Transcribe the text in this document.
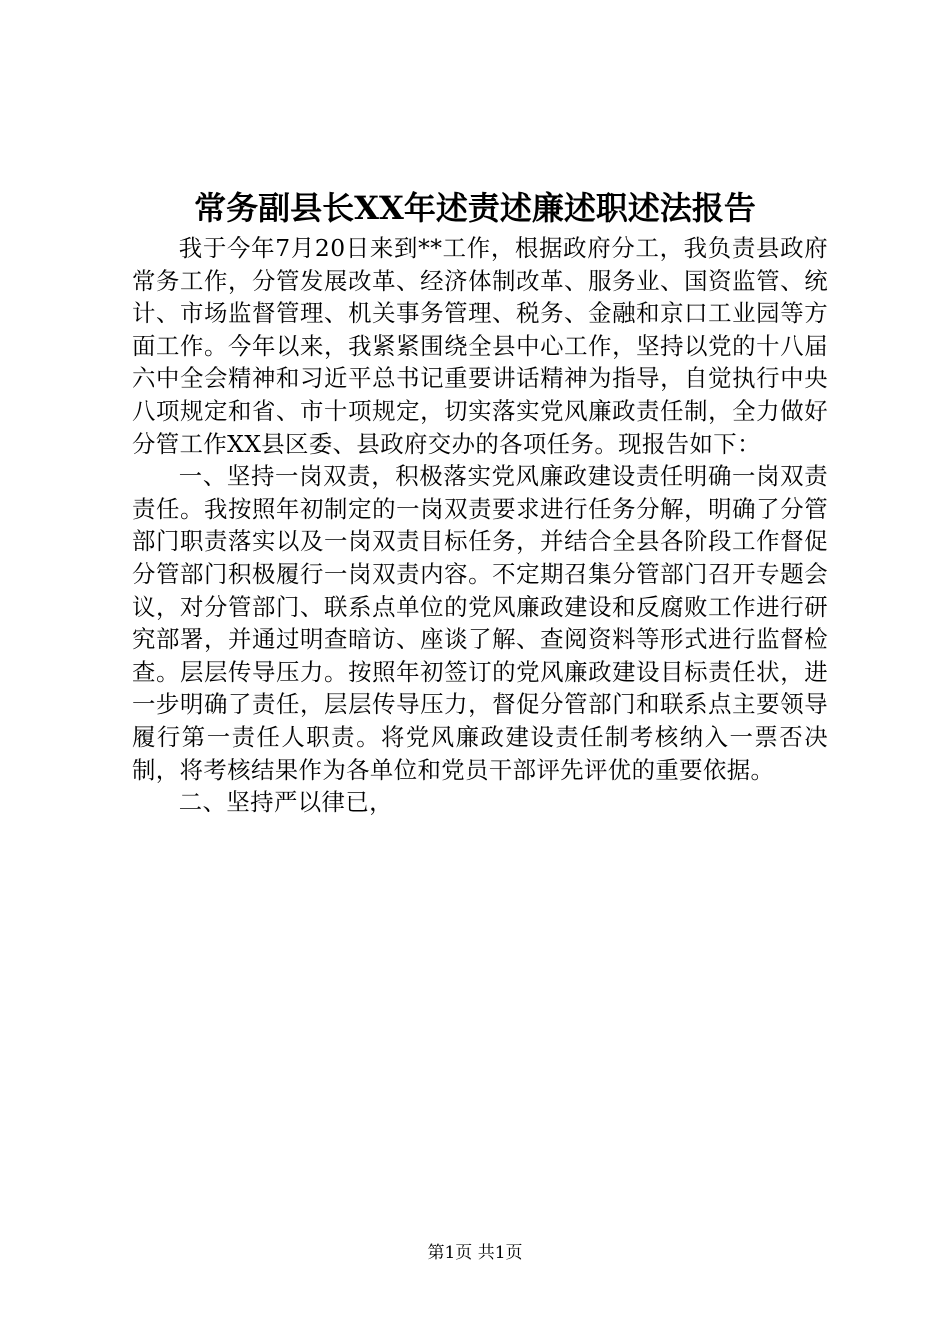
常务副县长XX年述责述廉述职述法报告

我于今年7月20日来到**工作，根据政府分工，我负责县政府常务工作，分管发展改革、经济体制改革、服务业、国资监管、统计、市场监督管理、机关事务管理、税务、金融和京口工业园等方面工作。今年以来，我紧紧围绕全县中心工作，坚持以党的十八届六中全会精神和习近平总书记重要讲话精神为指导，自觉执行中央八项规定和省、市十项规定，切实落实党风廉政责任制，全力做好分管工作XX县区委、县政府交办的各项任务。现报告如下：

一、坚持一岗双责，积极落实党风廉政建设责任明确一岗双责责任。我按照年初制定的一岗双责要求进行任务分解，明确了分管部门职责落实以及一岗双责目标任务，并结合全县各阶段工作督促分管部门积极履行一岗双责内容。不定期召集分管部门召开专题会议，对分管部门、联系点单位的党风廉政建设和反腐败工作进行研究部署，并通过明查暗访、座谈了解、查阅资料等形式进行监督检查。层层传导压力。按照年初签订的党风廉政建设目标责任状，进一步明确了责任，层层传导压力，督促分管部门和联系点主要领导履行第一责任人职责。将党风廉政建设责任制考核纳入一票否决制，将考核结果作为各单位和党员干部评先评优的重要依据。

二、坚持严以律已，

第1页 共1页
